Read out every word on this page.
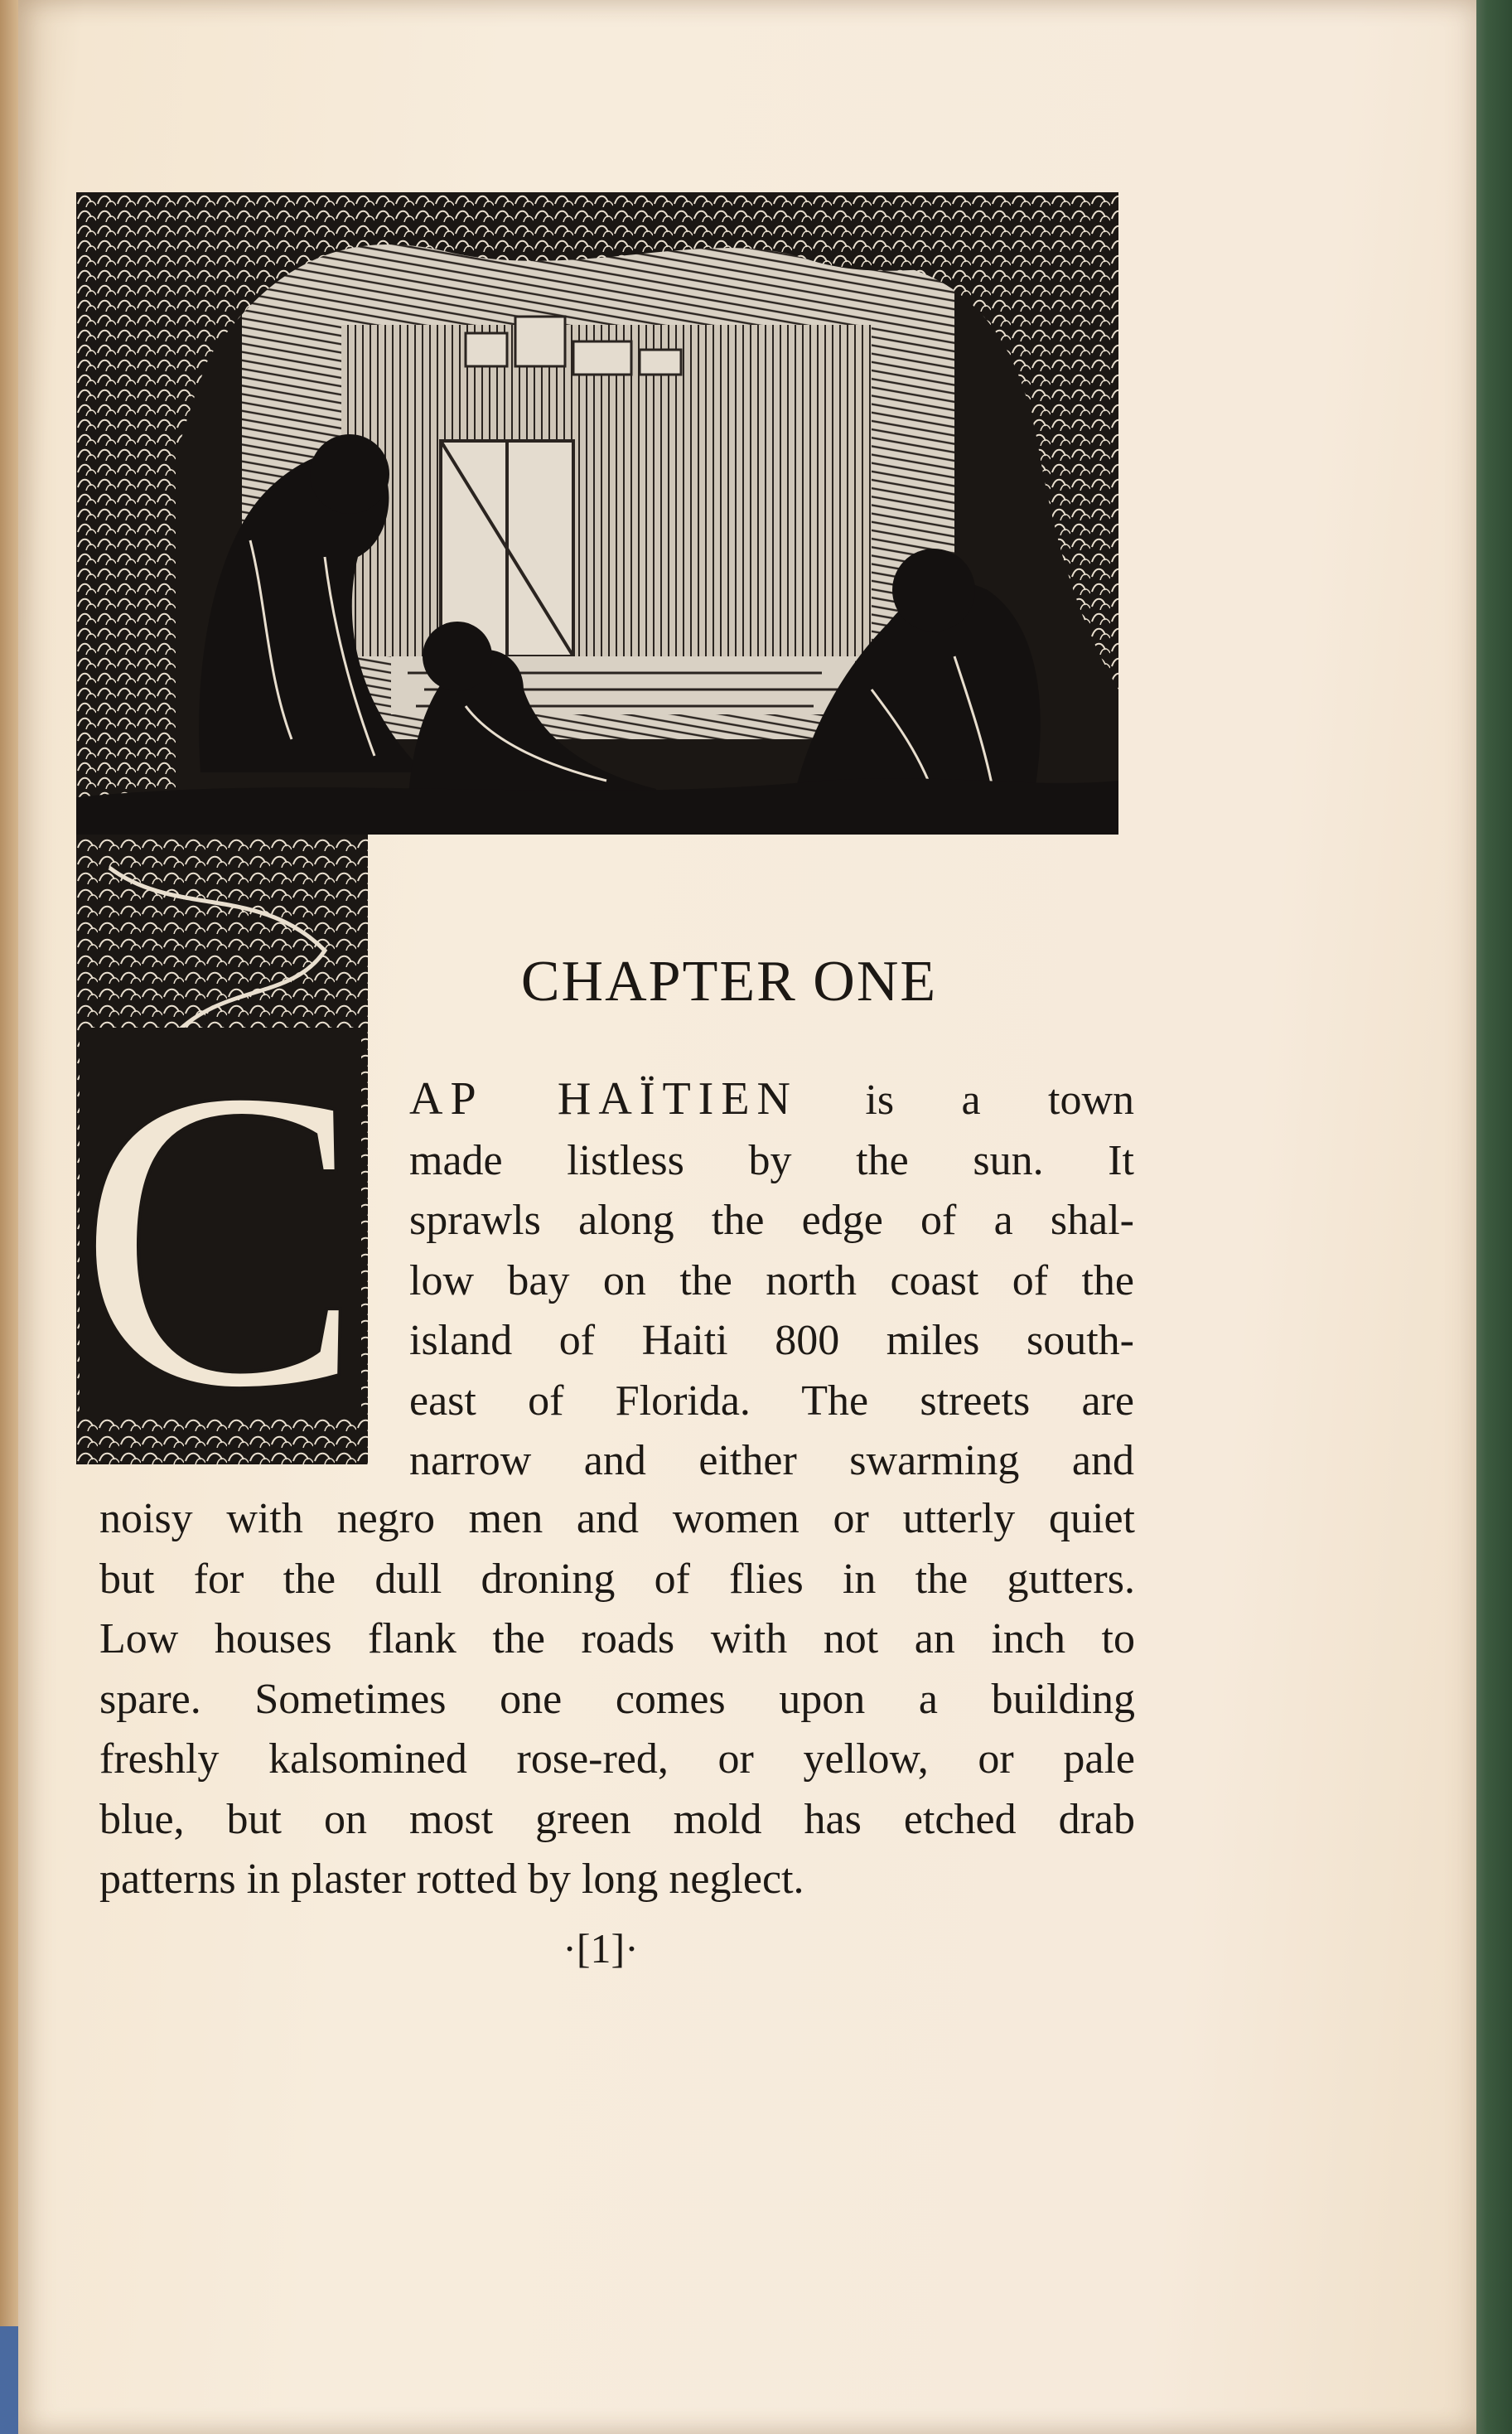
C
CHAPTER ONE
AP HAÏTIEN is a town
made listless by the sun. It
sprawls along the edge of a shal-
low bay on the north coast of the
island of Haiti 800 miles south-
east of Florida. The streets are
narrow and either swarming and
noisy with negro men and women or utterly quiet
but for the dull droning of flies in the gutters.
Low houses flank the roads with not an inch to
spare. Sometimes one comes upon a building
freshly kalsomined rose-red, or yellow, or pale
blue, but on most green mold has etched drab
patterns in plaster rotted by long neglect.
·[1]·
